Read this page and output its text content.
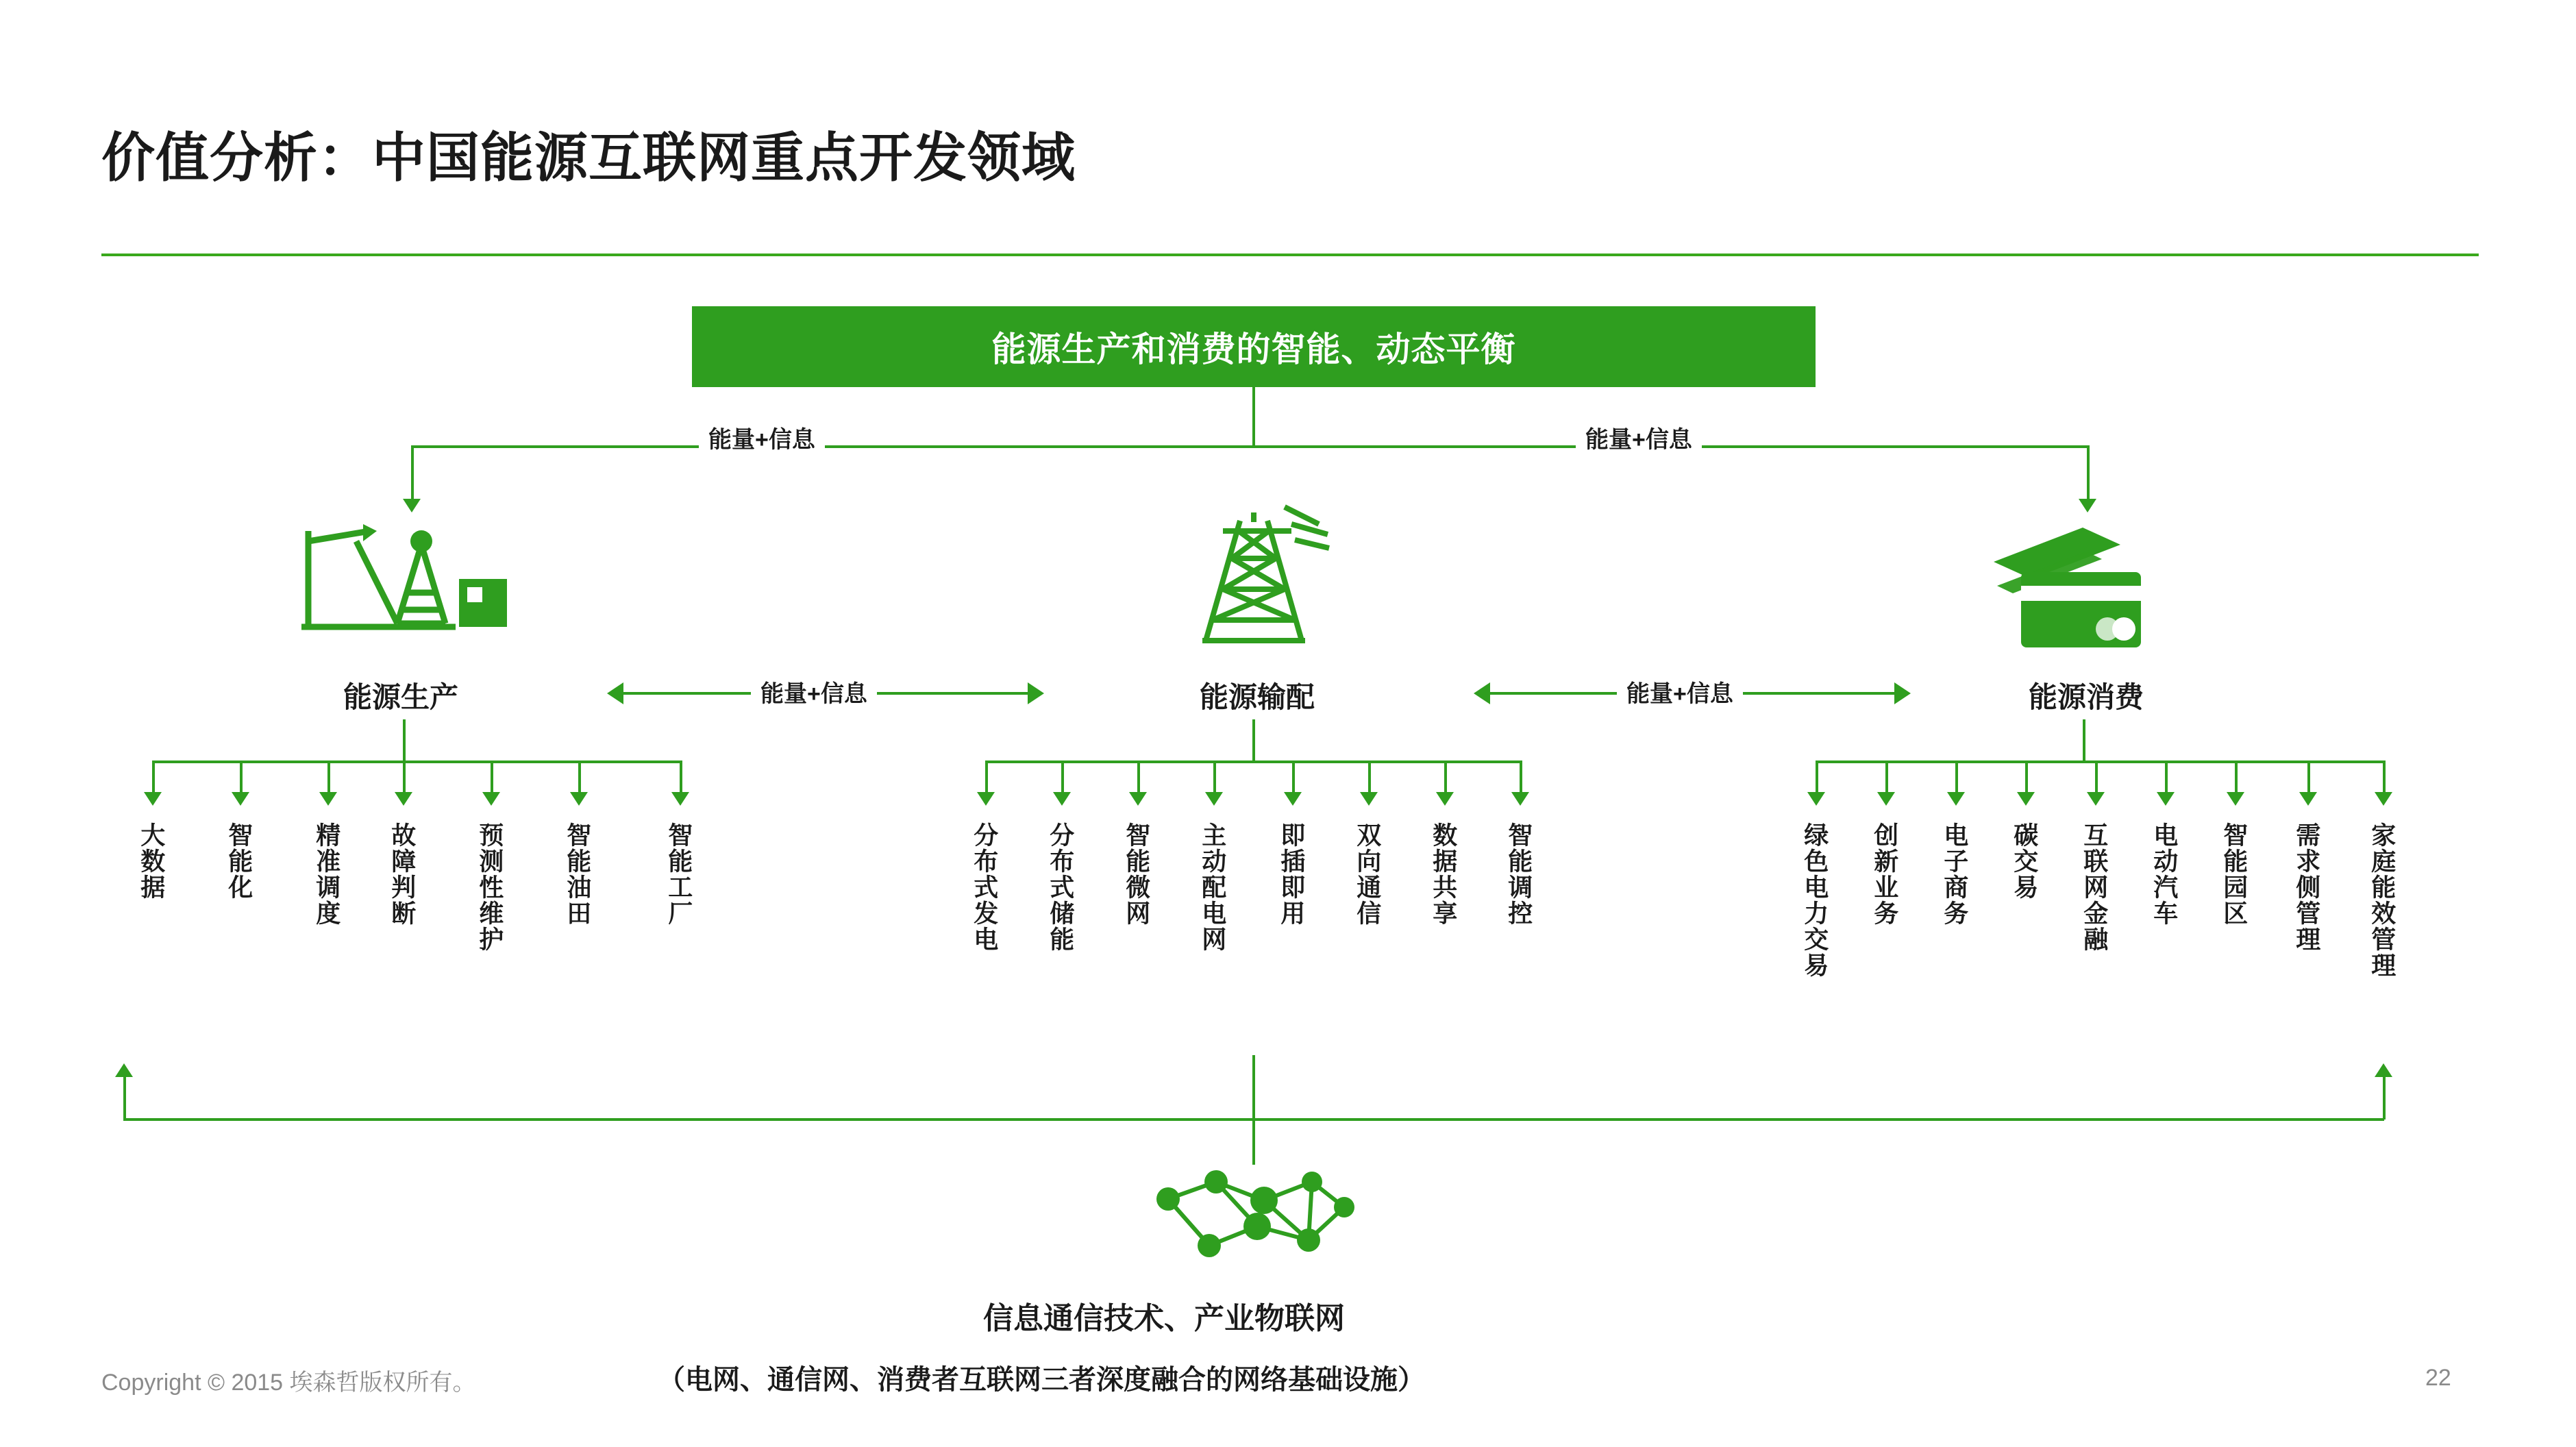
价值分析：中国能源互联网重点开发领域
能源生产和消费的智能、动态平衡
能量+信息	能量+信息
能源生产	能源输配	能源消费
能量+信息	能量+信息
大数据 智能化 精准调度 故障判断 预测性维护 智能油田	智能工厂	分布式发电 分布式储能 智能微网 主动配电网 即插即用 双向通信 数据共享 智能调控	绿色电力交易 创新业务 电子商务 碳交易 互联网金融 电动汽车 智能园区 需求侧管理 家庭能效管理
信息通信技术、产业物联网
（电网、通信网、消费者互联网三者深度融合的网络基础设施）
Copyright © 2015 埃森哲版权所有。	22
